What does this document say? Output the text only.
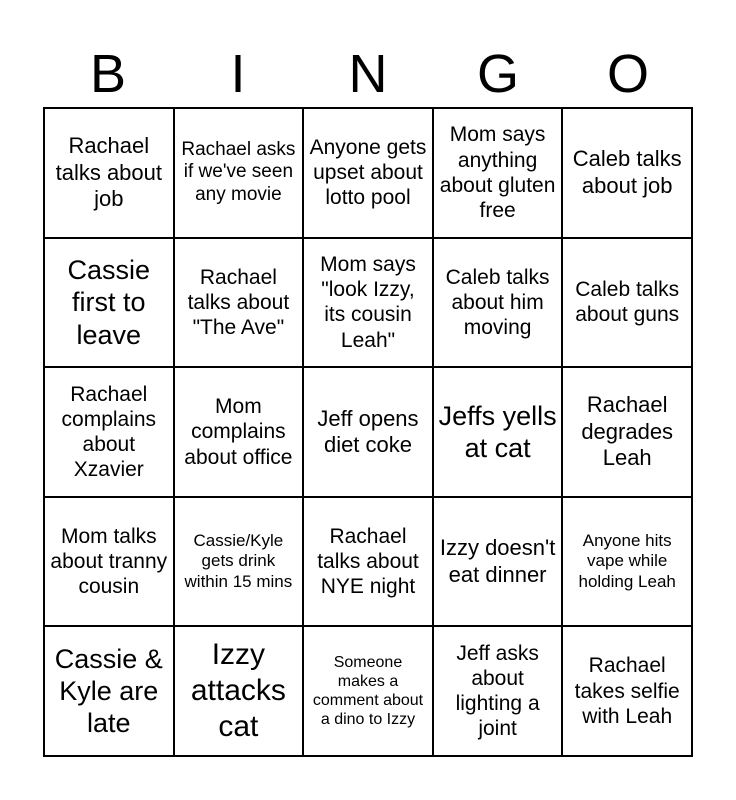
B	I	N	G	O
Rachael talks about job
Rachael asks if we've seen any movie
Anyone gets upset about lotto pool
Mom says anything about gluten free
Caleb talks about job
Cassie first to leave
Rachael talks about "The Ave"
Mom says "look Izzy, its cousin Leah"
Caleb talks about him moving
Caleb talks about guns
Rachael complains about Xzavier
Mom complains about office
Jeff opens diet coke
Jeffs yells at cat
Rachael degrades Leah
Mom talks about tranny cousin
Cassie/Kyle gets drink within 15 mins
Rachael talks about NYE night
Izzy doesn't eat dinner
Anyone hits vape while holding Leah
Cassie & Kyle are late
Izzy attacks cat
Someone makes a comment about a dino to Izzy
Jeff asks about lighting a joint
Rachael takes selfie with Leah
